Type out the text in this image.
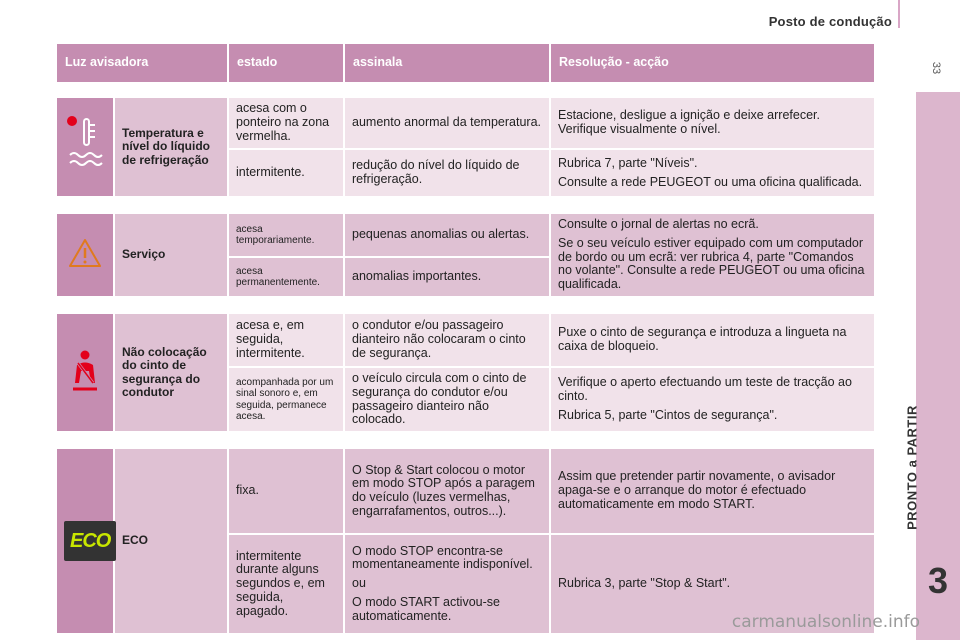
Posto de condução
33
PRONTO a PARTIR
3
Luz avisadora		estado	assinala	Resolução - acção

	Temperatura e nível do líquido de refrigeração	acesa com o ponteiro na zona vermelha.	aumento anormal da temperatura.	Estacione, desligue a ignição e deixe arrefecer. Verifique visualmente o nível.

		intermitente.	redução do nível do líquido de refrigeração.	Rubrica 7, parte "Níveis".
Consulte a rede PEUGEOT ou uma oficina qualificada.

	Serviço	acesa temporariamente.	pequenas anomalias ou alertas.	Consulte o jornal de alertas no ecrã.
Se o seu veículo estiver equipado com um computador de bordo ou um ecrã: ver rubrica 4, parte "Comandos no volante". Consulte a rede PEUGEOT ou uma oficina qualificada.

		acesa permanentemente.	anomalias importantes.	

	Não colocação do cinto de segurança do condutor	acesa e, em seguida, intermitente.	o condutor e/ou passageiro dianteiro não colocaram o cinto de segurança.	Puxe o cinto de segurança e introduza a lingueta na caixa de bloqueio.

		acompanhada por um sinal sonoro e, em seguida, permanece acesa.	o veículo circula com o cinto de segurança do condutor e/ou passageiro dianteiro não colocado.	Verifique o aperto efectuando um teste de tracção ao cinto.
Rubrica 5, parte "Cintos de segurança".

ECO	ECO	fixa.	O Stop & Start colocou o motor em modo STOP após a paragem do veículo (luzes vermelhas, engarrafamentos, outros...).	Assim que pretender partir novamente, o avisador apaga-se e o arranque do motor é efectuado automaticamente em modo START.

		intermitente durante alguns segundos e, em seguida, apagado.	O modo STOP encontra-se momentaneamente indisponível.
ou
O modo START activou-se automaticamente.	Rubrica 3, parte "Stop & Start".
carmanualsonline.info
